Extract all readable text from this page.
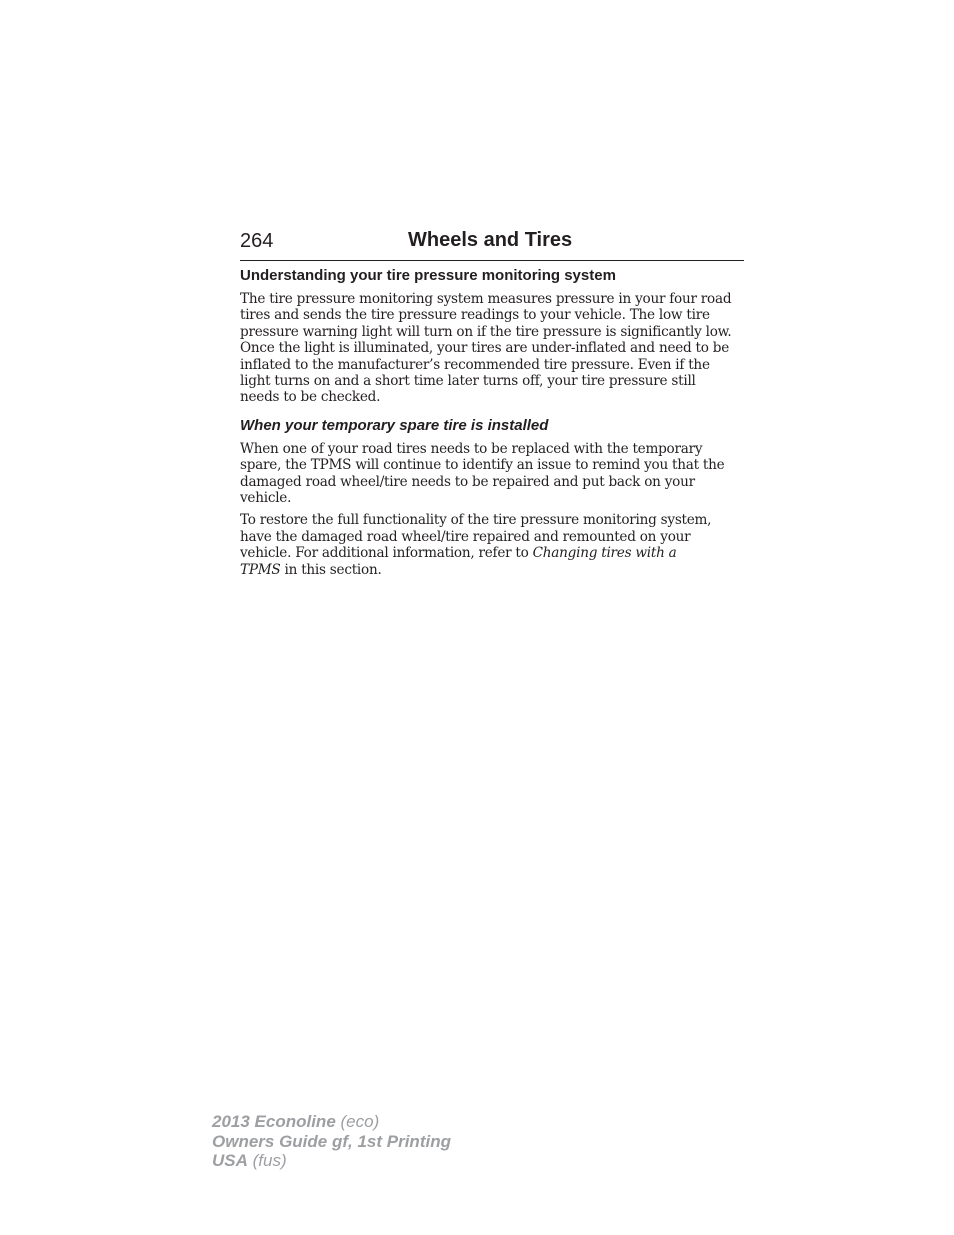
264	Wheels and Tires
Understanding your tire pressure monitoring system
The tire pressure monitoring system measures pressure in your four road
tires and sends the tire pressure readings to your vehicle. The low tire
pressure warning light will turn on if the tire pressure is significantly low.
Once the light is illuminated, your tires are under-inflated and need to be
inflated to the manufacturer’s recommended tire pressure. Even if the
light turns on and a short time later turns off, your tire pressure still
needs to be checked.
When your temporary spare tire is installed
When one of your road tires needs to be replaced with the temporary
spare, the TPMS will continue to identify an issue to remind you that the
damaged road wheel/tire needs to be repaired and put back on your
vehicle.
To restore the full functionality of the tire pressure monitoring system,
have the damaged road wheel/tire repaired and remounted on your
vehicle. For additional information, refer to Changing tires with a
TPMS in this section.
2013 Econoline (eco)
Owners Guide gf, 1st Printing
USA (fus)
